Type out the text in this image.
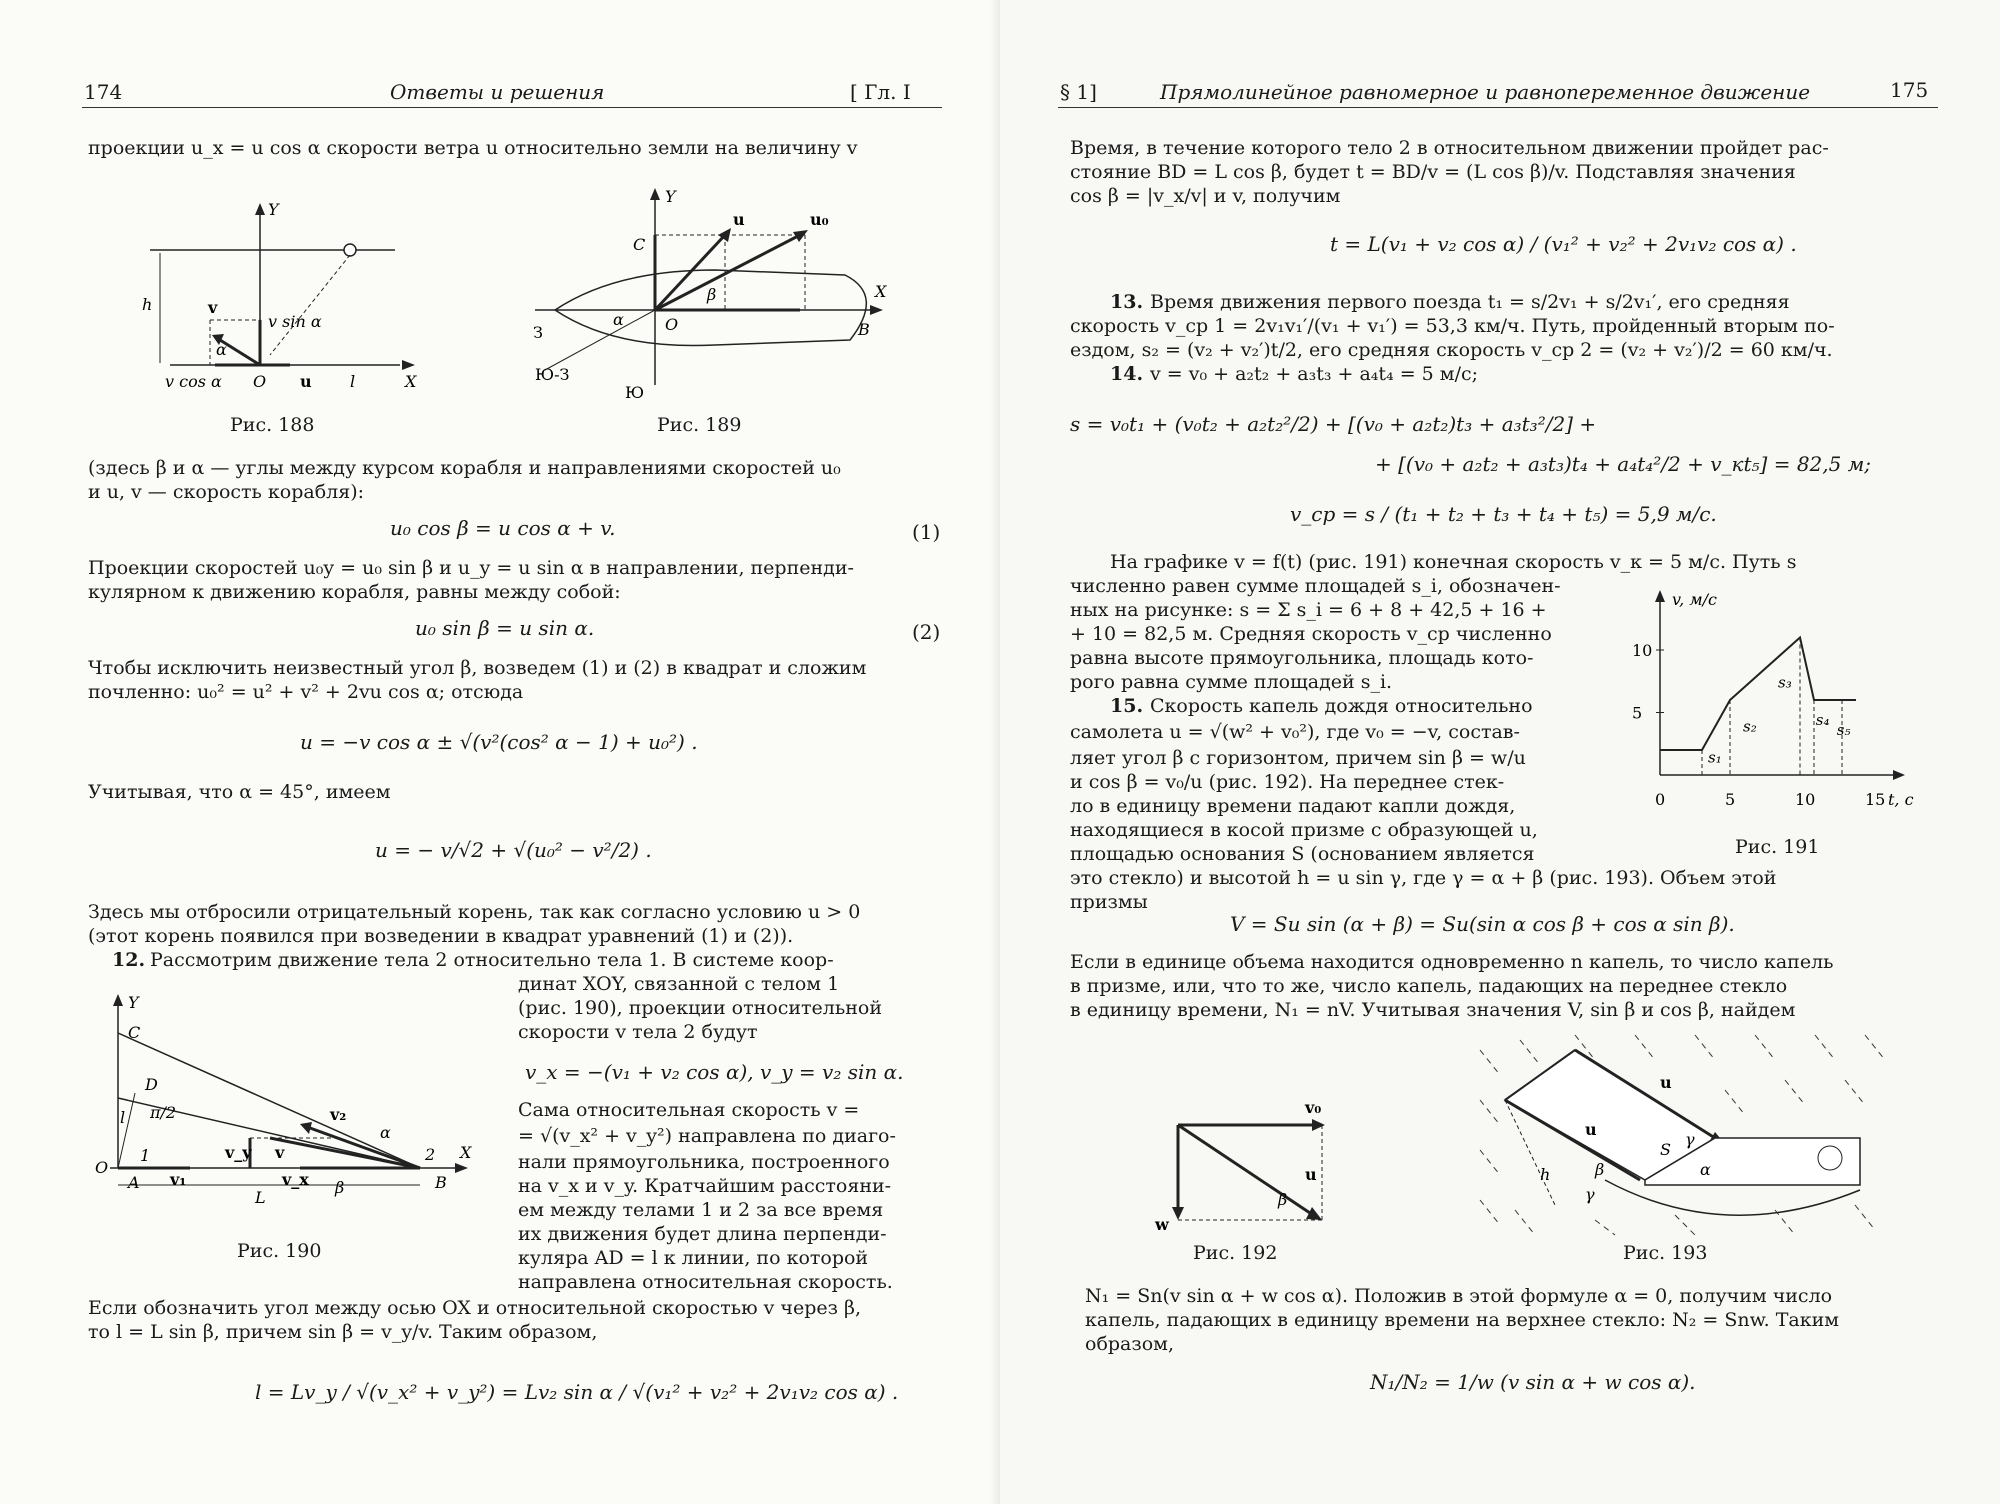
174	Ответы и решения	[ Гл. I
проекции u_x = u cos α скорости ветра u относительно земли на величину v
Y
h	v
v sin α
α
v cos α O u l	X
Рис. 188
Y
C
u	u₀
X
З
α	O
β
B
Ю-З
Ю
Рис. 189
(здесь β и α — углы между курсом корабля и направлениями скоростей u₀
и u, v — скорость корабля):
u₀ cos β = u cos α + v.	(1)
Проекции скоростей u₀y = u₀ sin β и u_y = u sin α в направлении, перпенди-
кулярном к движению корабля, равны между собой:
u₀ sin β = u sin α.	(2)
Чтобы исключить неизвестный угол β, возведем (1) и (2) в квадрат и сложим
почленно: u₀² = u² + v² + 2vu cos α; отсюда
u = −v cos α ± √(v²(cos² α − 1) + u₀²) .
Учитывая, что α = 45°, имеем
u = − v/√2 + √(u₀² − v²/2) .
Здесь мы отбросили отрицательный корень, так как согласно условию u > 0
(этот корень появился при возведении в квадрат уравнений (1) и (2)).
12. Рассмотрим движение тела 2 относительно тела 1. В системе коор-
Y
C
D
l π/2	v₂
α
v_y v	2 X
O
1
v₁	v_x
A
L
β	B
Рис. 190
динат XOY, связанной с телом 1
(рис. 190), проекции относительной
скорости v тела 2 будут
v_x = −(v₁ + v₂ cos α), v_y = v₂ sin α.
Сама относительная скорость v =
= √(v_x² + v_y²) направлена по диаго-
нали прямоугольника, построенного
на v_x и v_y. Кратчайшим расстояни-
ем между телами 1 и 2 за все время
их движения будет длина перпенди-
куляра AD = l к линии, по которой
направлена относительная скорость.
Если обозначить угол между осью OX и относительной скоростью v через β,
то l = L sin β, причем sin β = v_y/v. Таким образом,
l = Lv_y / √(v_x² + v_y²) = Lv₂ sin α / √(v₁² + v₂² + 2v₁v₂ cos α) .
§ 1]	Прямолинейное равномерное и равнопеременное движение	175
Время, в течение которого тело 2 в относительном движении пройдет рас-
стояние BD = L cos β, будет t = BD/v = (L cos β)/v. Подставляя значения
cos β = |v_x/v| и v, получим
t = L(v₁ + v₂ cos α) / (v₁² + v₂² + 2v₁v₂ cos α) .
13. Время движения первого поезда t₁ = s/2v₁ + s/2v₁′, его средняя
скорость v_ср 1 = 2v₁v₁′/(v₁ + v₁′) = 53,3 км/ч. Путь, пройденный вторым по-
ездом, s₂ = (v₂ + v₂′)t/2, его средняя скорость v_ср 2 = (v₂ + v₂′)/2 = 60 км/ч.
14. v = v₀ + a₂t₂ + a₃t₃ + a₄t₄ = 5 м/с;
s = v₀t₁ + (v₀t₂ + a₂t₂²/2) + [(v₀ + a₂t₂)t₃ + a₃t₃²/2] +
+ [(v₀ + a₂t₂ + a₃t₃)t₄ + a₄t₄²/2 + v_кt₅] = 82,5 м;
v_ср = s / (t₁ + t₂ + t₃ + t₄ + t₅) = 5,9 м/с.
На графике v = f(t) (рис. 191) конечная скорость v_к = 5 м/с. Путь s
численно равен сумме площадей s_i, обозначен-
ных на рисунке: s = Σ s_i = 6 + 8 + 42,5 + 16 +
+ 10 = 82,5 м. Средняя скорость v_ср численно
равна высоте прямоугольника, площадь кото-
рого равна сумме площадей s_i.
15. Скорость капель дождя относительно
самолета u = √(w² + v₀²), где v₀ = −v, состав-
ляет угол β с горизонтом, причем sin β = w/u
и cos β = v₀/u (рис. 192). На переднее стек-
ло в единицу времени падают капли дождя,
находящиеся в косой призме с образующей u,
площадью основания S (основанием является
это стекло) и высотой h = u sin γ, где γ = α + β (рис. 193). Объем этой
призмы
0	5	10	15
5
10
v, м/с
t, с
s₁
s₂
s₃
s₄
s₅
Рис. 191
V = Su sin (α + β) = Su(sin α cos β + cos α sin β).
Если в единице объема находится одновременно n капель, то число капель
в призме, или, что то же, число капель, падающих на переднее стекло
в единицу времени, N₁ = nV. Учитывая значения V, sin β и cos β, найдем
v₀
u
w
β
Рис. 192
u
u
S
γ
α
β
γ
h
Рис. 193
N₁ = Sn(v sin α + w cos α). Положив в этой формуле α = 0, получим число
капель, падающих в единицу времени на верхнее стекло: N₂ = Snw. Таким
образом,
N₁/N₂ = 1/w (v sin α + w cos α).
